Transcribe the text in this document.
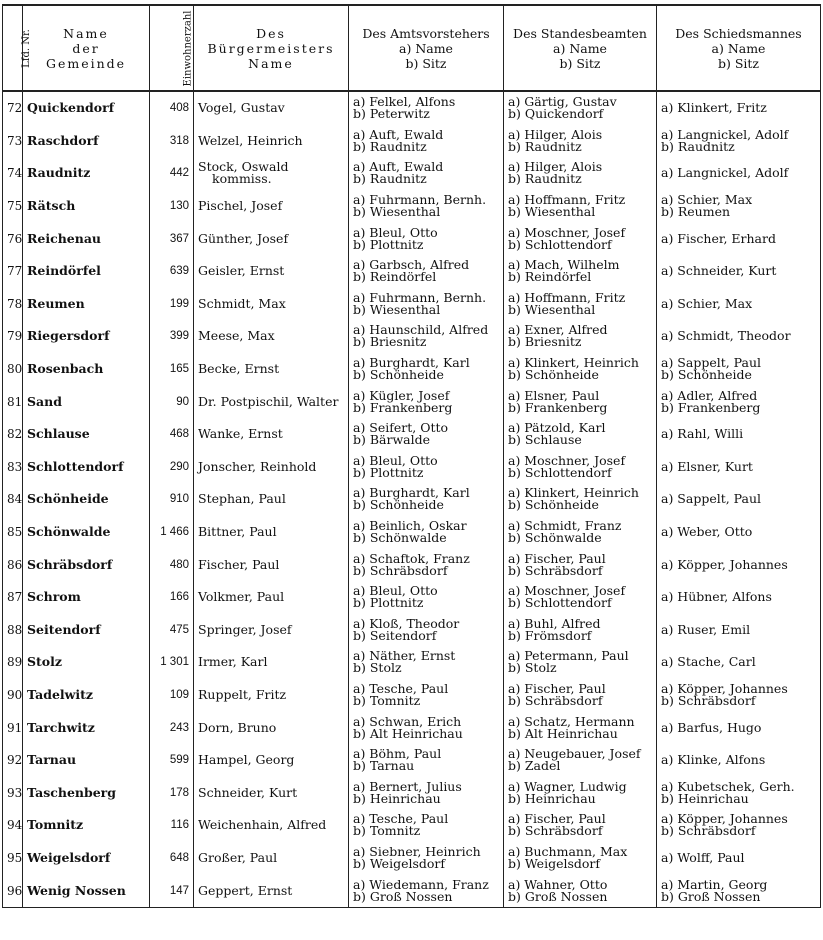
Lfd. Nr.	Name
der
Gemeinde	Einwohnerzahl	Des
Bürgermeisters
Name	Des Amtsvorstehers
a) Name
b) Sitz	Des Standesbeamten
a) Name
b) Sitz	Des Schiedsmannes
a) Name
b) Sitz

72	Quickendorf	408	Vogel, Gustav	a) Felkel, Alfons
b) Peterwitz	a) Gärtig, Gustav
b) Quickendorf	a) Klinkert, Fritz

73	Raschdorf	318	Welzel, Heinrich	a) Auft, Ewald
b) Raudnitz	a) Hilger, Alois
b) Raudnitz	a) Langnickel, Adolf
b) Raudnitz

74	Raudnitz	442	Stock, Oswald
kommiss.	a) Auft, Ewald
b) Raudnitz	a) Hilger, Alois
b) Raudnitz	a) Langnickel, Adolf

75	Rätsch	130	Pischel, Josef	a) Fuhrmann, Bernh.
b) Wiesenthal	a) Hoffmann, Fritz
b) Wiesenthal	a) Schier, Max
b) Reumen

76	Reichenau	367	Günther, Josef	a) Bleul, Otto
b) Plottnitz	a) Moschner, Josef
b) Schlottendorf	a) Fischer, Erhard

77	Reindörfel	639	Geisler, Ernst	a) Garbsch, Alfred
b) Reindörfel	a) Mach, Wilhelm
b) Reindörfel	a) Schneider, Kurt

78	Reumen	199	Schmidt, Max	a) Fuhrmann, Bernh.
b) Wiesenthal	a) Hoffmann, Fritz
b) Wiesenthal	a) Schier, Max

79	Riegersdorf	399	Meese, Max	a) Haunschild, Alfred
b) Briesnitz	a) Exner, Alfred
b) Briesnitz	a) Schmidt, Theodor

80	Rosenbach	165	Becke, Ernst	a) Burghardt, Karl
b) Schönheide	a) Klinkert, Heinrich
b) Schönheide	a) Sappelt, Paul
b) Schönheide

81	Sand	90	Dr. Postpischil, Walter	a) Kügler, Josef
b) Frankenberg	a) Elsner, Paul
b) Frankenberg	a) Adler, Alfred
b) Frankenberg

82	Schlause	468	Wanke, Ernst	a) Seifert, Otto
b) Bärwalde	a) Pätzold, Karl
b) Schlause	a) Rahl, Willi

83	Schlottendorf	290	Jonscher, Reinhold	a) Bleul, Otto
b) Plottnitz	a) Moschner, Josef
b) Schlottendorf	a) Elsner, Kurt

84	Schönheide	910	Stephan, Paul	a) Burghardt, Karl
b) Schönheide	a) Klinkert, Heinrich
b) Schönheide	a) Sappelt, Paul

85	Schönwalde	1 466	Bittner, Paul	a) Beinlich, Oskar
b) Schönwalde	a) Schmidt, Franz
b) Schönwalde	a) Weber, Otto

86	Schräbsdorf	480	Fischer, Paul	a) Schaftok, Franz
b) Schräbsdorf	a) Fischer, Paul
b) Schräbsdorf	a) Köpper, Johannes

87	Schrom	166	Volkmer, Paul	a) Bleul, Otto
b) Plottnitz	a) Moschner, Josef
b) Schlottendorf	a) Hübner, Alfons

88	Seitendorf	475	Springer, Josef	a) Kloß, Theodor
b) Seitendorf	a) Buhl, Alfred
b) Frömsdorf	a) Ruser, Emil

89	Stolz	1 301	Irmer, Karl	a) Näther, Ernst
b) Stolz	a) Petermann, Paul
b) Stolz	a) Stache, Carl

90	Tadelwitz	109	Ruppelt, Fritz	a) Tesche, Paul
b) Tomnitz	a) Fischer, Paul
b) Schräbsdorf	a) Köpper, Johannes
b) Schräbsdorf

91	Tarchwitz	243	Dorn, Bruno	a) Schwan, Erich
b) Alt Heinrichau	a) Schatz, Hermann
b) Alt Heinrichau	a) Barfus, Hugo

92	Tarnau	599	Hampel, Georg	a) Böhm, Paul
b) Tarnau	a) Neugebauer, Josef
b) Zadel	a) Klinke, Alfons

93	Taschenberg	178	Schneider, Kurt	a) Bernert, Julius
b) Heinrichau	a) Wagner, Ludwig
b) Heinrichau	a) Kubetschek, Gerh.
b) Heinrichau

94	Tomnitz	116	Weichenhain, Alfred	a) Tesche, Paul
b) Tomnitz	a) Fischer, Paul
b) Schräbsdorf	a) Köpper, Johannes
b) Schräbsdorf

95	Weigelsdorf	648	Großer, Paul	a) Siebner, Heinrich
b) Weigelsdorf	a) Buchmann, Max
b) Weigelsdorf	a) Wolff, Paul

96	Wenig Nossen	147	Geppert, Ernst	a) Wiedemann, Franz
b) Groß Nossen	a) Wahner, Otto
b) Groß Nossen	a) Martin, Georg
b) Groß Nossen
